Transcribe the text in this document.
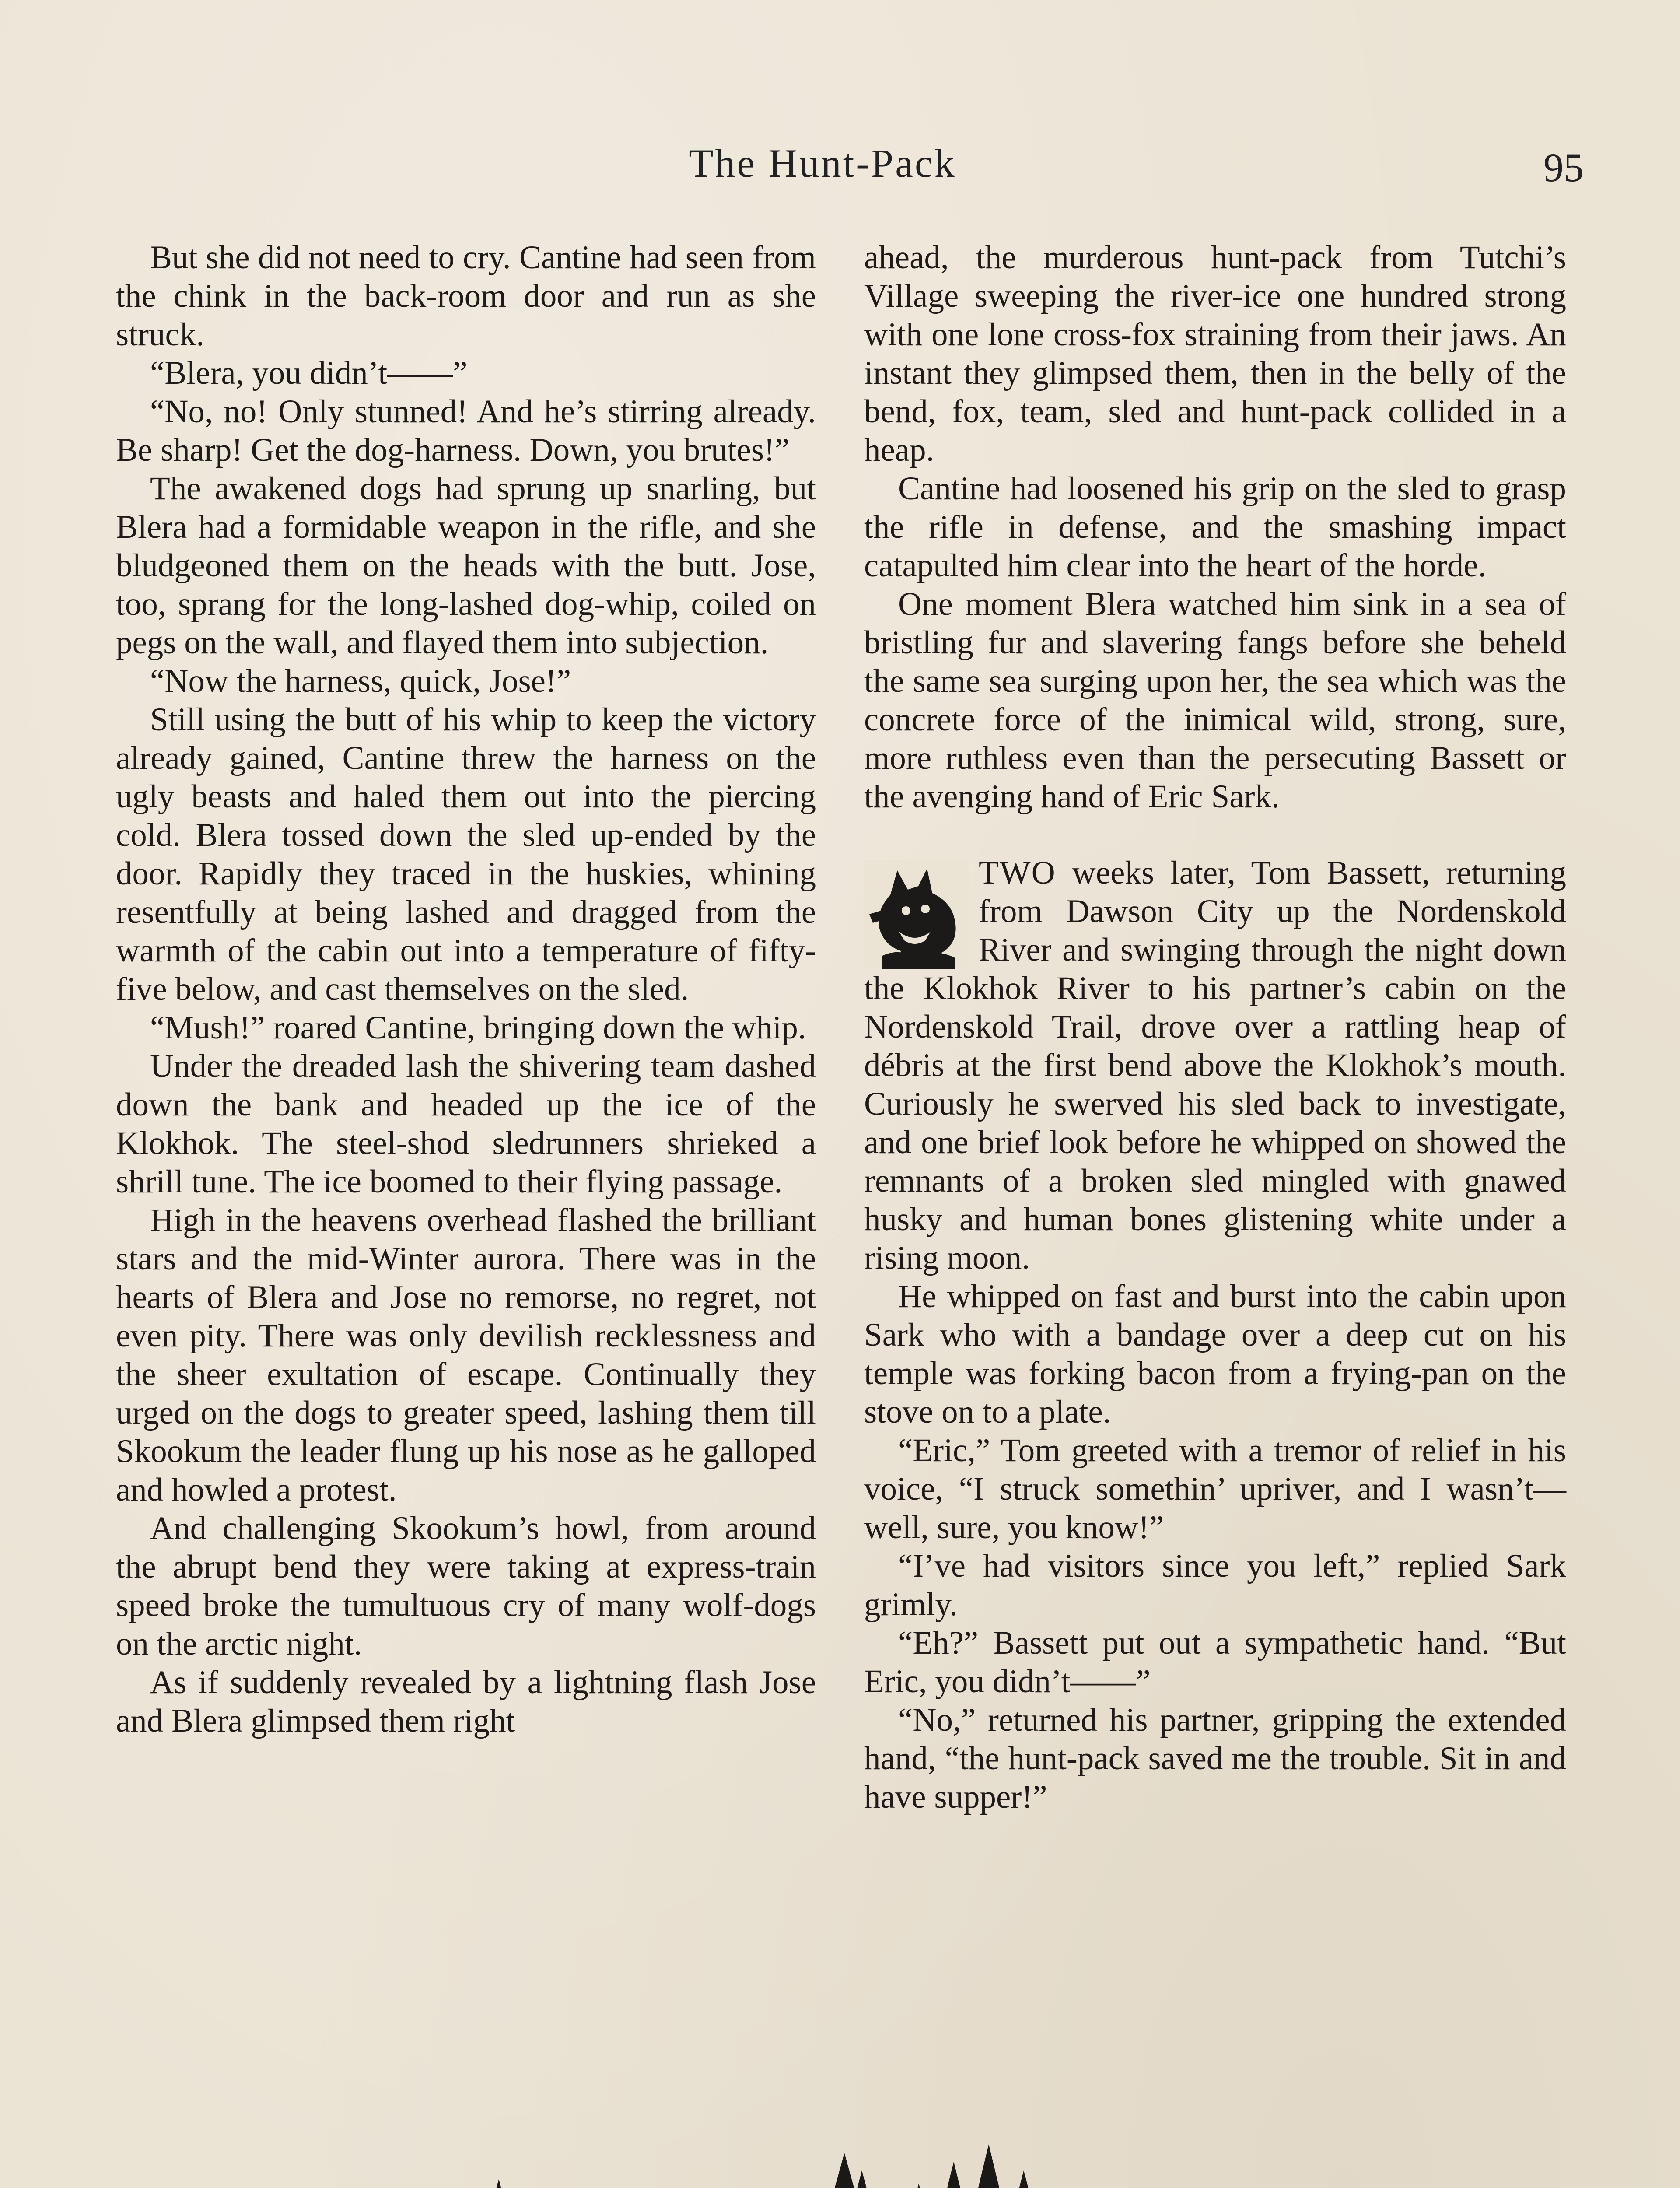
The Hunt-Pack	95

But she did not need to cry. Cantine had seen from the chink in the back-room door and run as she struck.

“Blera, you didn’t——”

“No, no! Only stunned! And he’s stirring already. Be sharp! Get the dog-harness. Down, you brutes!”

The awakened dogs had sprung up snarling, but Blera had a formidable weapon in the rifle, and she bludgeoned them on the heads with the butt. Jose, too, sprang for the long-lashed dog-whip, coiled on pegs on the wall, and flayed them into subjection.

“Now the harness, quick, Jose!”

Still using the butt of his whip to keep the victory already gained, Cantine threw the harness on the ugly beasts and haled them out into the piercing cold. Blera tossed down the sled up-ended by the door. Rapidly they traced in the huskies, whining resentfully at being lashed and dragged from the warmth of the cabin out into a temperature of fifty-five below, and cast themselves on the sled.

“Mush!” roared Cantine, bringing down the whip.

Under the dreaded lash the shivering team dashed down the bank and headed up the ice of the Klokhok. The steel-shod sledrunners shrieked a shrill tune. The ice boomed to their flying passage.

High in the heavens overhead flashed the brilliant stars and the mid-Winter aurora. There was in the hearts of Blera and Jose no remorse, no regret, not even pity. There was only devilish recklessness and the sheer exultation of escape. Continually they urged on the dogs to greater speed, lashing them till Skookum the leader flung up his nose as he galloped and howled a protest.

And challenging Skookum’s howl, from around the abrupt bend they were taking at express-train speed broke the tumultuous cry of many wolf-dogs on the arctic night.

As if suddenly revealed by a lightning flash Jose and Blera glimpsed them right

ahead, the murderous hunt-pack from Tutchi’s Village sweeping the river-ice one hundred strong with one lone cross-fox straining from their jaws. An instant they glimpsed them, then in the belly of the bend, fox, team, sled and hunt-pack collided in a heap.

Cantine had loosened his grip on the sled to grasp the rifle in defense, and the smashing impact catapulted him clear into the heart of the horde.

One moment Blera watched him sink in a sea of bristling fur and slavering fangs before she beheld the same sea surging upon her, the sea which was the concrete force of the inimical wild, strong, sure, more ruthless even than the persecuting Bassett or the avenging hand of Eric Sark.

TWO weeks later, Tom Bassett, returning from Dawson City up the Nordenskold River and swinging through the night down the Klokhok River to his partner’s cabin on the Nordenskold Trail, drove over a rattling heap of débris at the first bend above the Klokhok’s mouth. Curiously he swerved his sled back to investigate, and one brief look before he whipped on showed the remnants of a broken sled mingled with gnawed husky and human bones glistening white under a rising moon.

He whipped on fast and burst into the cabin upon Sark who with a bandage over a deep cut on his temple was forking bacon from a frying-pan on the stove on to a plate.

“Eric,” Tom greeted with a tremor of relief in his voice, “I struck somethin’ upriver, and I wasn’t—well, sure, you know!”

“I’ve had visitors since you left,” replied Sark grimly.

“Eh?” Bassett put out a sympathetic hand. “But Eric, you didn’t——”

“No,” returned his partner, gripping the extended hand, “the hunt-pack saved me the trouble. Sit in and have supper!”
